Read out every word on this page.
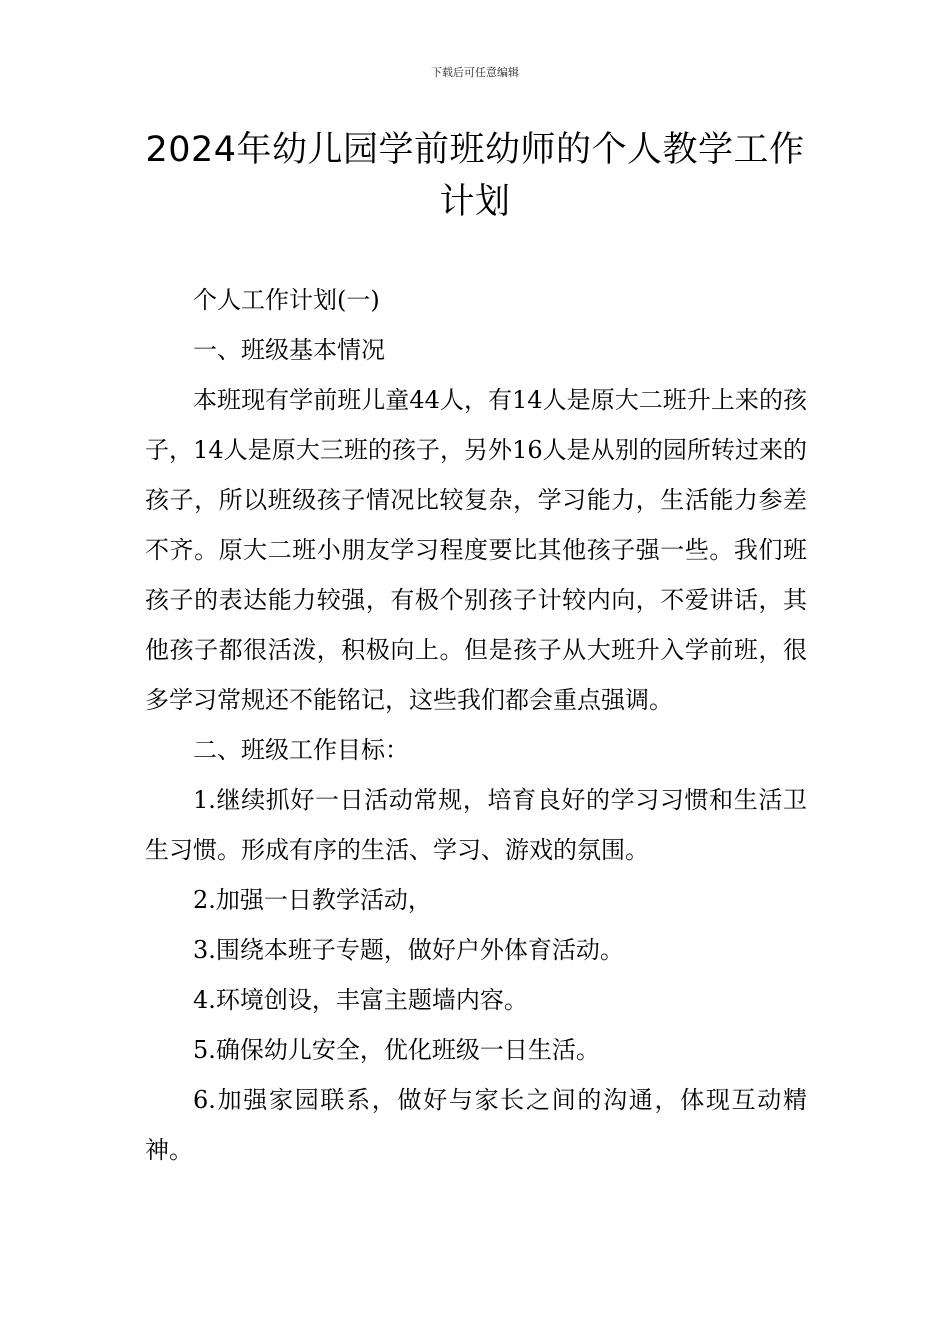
下载后可任意编辑
2024年幼儿园学前班幼师的个人教学工作计划

个人工作计划(一)

一、班级基本情况

本班现有学前班儿童44人，有14人是原大二班升上来的孩子，14人是原大三班的孩子，另外16人是从别的园所转过来的孩子，所以班级孩子情况比较复杂，学习能力，生活能力参差不齐。原大二班小朋友学习程度要比其他孩子强一些。我们班孩子的表达能力较强，有极个别孩子计较内向，不爱讲话，其他孩子都很活泼，积极向上。但是孩子从大班升入学前班，很多学习常规还不能铭记，这些我们都会重点强调。

二、班级工作目标：

1.继续抓好一日活动常规，培育良好的学习习惯和生活卫生习惯。形成有序的生活、学习、游戏的氛围。

2.加强一日教学活动，

3.围绕本班子专题，做好户外体育活动。

4.环境创设，丰富主题墙内容。

5.确保幼儿安全，优化班级一日生活。

6.加强家园联系，做好与家长之间的沟通，体现互动精神。
